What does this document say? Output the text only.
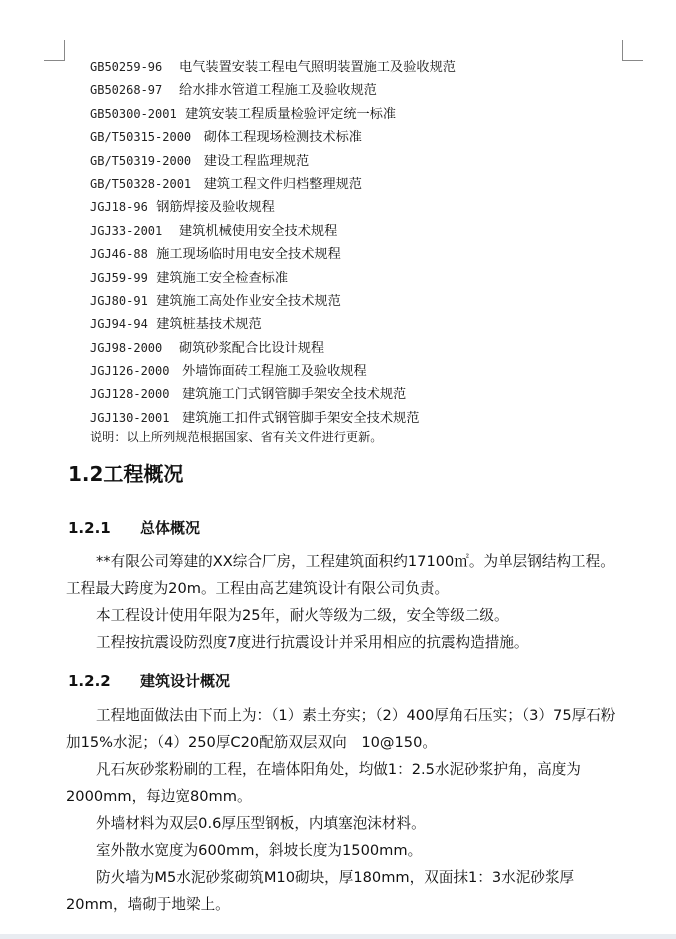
GB50259-96 电气装置安装工程电气照明装置施工及验收规范
GB50268-97 给水排水管道工程施工及验收规范
GB50300-2001 建筑安装工程质量检验评定统一标准
GB/T50315-2000 砌体工程现场检测技术标准
GB/T50319-2000 建设工程监理规范
GB/T50328-2001 建筑工程文件归档整理规范
JGJ18-96 钢筋焊接及验收规程
JGJ33-2001 建筑机械使用安全技术规程
JGJ46-88 施工现场临时用电安全技术规程
JGJ59-99 建筑施工安全检查标准
JGJ80-91 建筑施工高处作业安全技术规范
JGJ94-94 建筑桩基技术规范
JGJ98-2000 砌筑砂浆配合比设计规程
JGJ126-2000 外墙饰面砖工程施工及验收规程
JGJ128-2000 建筑施工门式钢管脚手架安全技术规范
JGJ130-2001 建筑施工扣件式钢管脚手架安全技术规范
说明：以上所列规范根据国家、省有关文件进行更新。
1.2工程概况
1.2.1 总体概况

**有限公司筹建的XX综合厂房，工程建筑面积约17100㎡。为单层钢结构工程。工程最大跨度为20m。工程由高艺建筑设计有限公司负责。

本工程设计使用年限为25年，耐火等级为二级，安全等级二级。

工程按抗震设防烈度7度进行抗震设计并采用相应的抗震构造措施。

1.2.2 建筑设计概况

工程地面做法由下而上为：（1）素土夯实；（2）400厚角石压实；（3）75厚石粉加15%水泥；（4）250厚C20配筋双层双向　10@150。

凡石灰砂浆粉刷的工程，在墙体阳角处，均做1：2.5水泥砂浆护角，高度为2000mm，每边宽80mm。

外墙材料为双层0.6厚压型钢板，内填塞泡沫材料。

室外散水宽度为600mm，斜坡长度为1500mm。

防火墙为M5水泥砂浆砌筑M10砌块，厚180mm，双面抹1：3水泥砂浆厚20mm，墙砌于地梁上。
